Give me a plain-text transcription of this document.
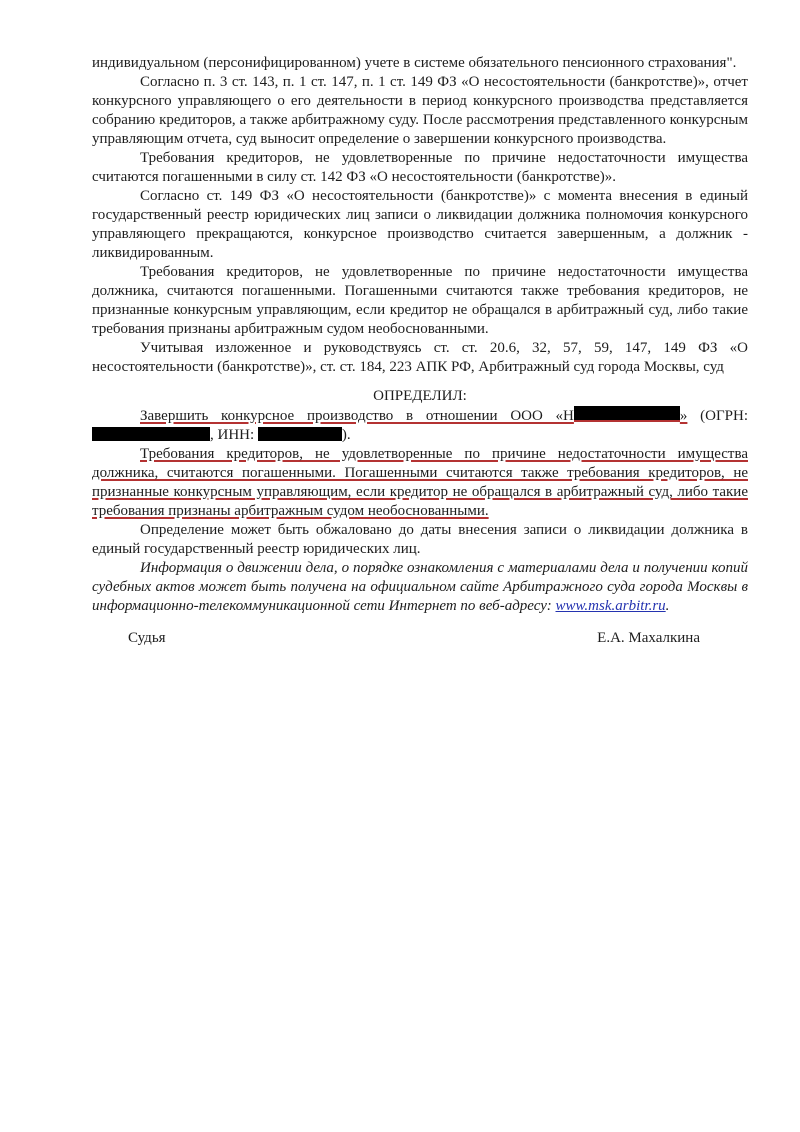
индивидуальном (персонифицированном) учете в системе обязательного пенсионного страхования".

Согласно п. 3 ст. 143, п. 1 ст. 147, п. 1 ст. 149 ФЗ «О несостоятельности (банкротстве)», отчет конкурсного управляющего о его деятельности в период конкурсного производства представляется собранию кредиторов, а также арбитражному суду. После рассмотрения представленного конкурсным управляющим отчета, суд выносит определение о завершении конкурсного производства.

Требования кредиторов, не удовлетворенные по причине недостаточности имущества считаются погашенными в силу ст. 142 ФЗ «О несостоятельности (банкротстве)».

Согласно ст. 149 ФЗ «О несостоятельности (банкротстве)» с момента внесения в единый государственный реестр юридических лиц записи о ликвидации должника полномочия конкурсного управляющего прекращаются, конкурсное производство считается завершенным, а должник - ликвидированным.

Требования кредиторов, не удовлетворенные по причине недостаточности имущества должника, считаются погашенными. Погашенными считаются также требования кредиторов, не признанные конкурсным управляющим, если кредитор не обращался в арбитражный суд, либо такие требования признаны арбитражным судом необоснованными.

Учитывая изложенное и руководствуясь ст. ст. 20.6, 32, 57, 59, 147, 149 ФЗ «О несостоятельности (банкротстве)», ст. ст. 184, 223 АПК РФ, Арбитражный суд города Москвы, суд

ОПРЕДЕЛИЛ:

Завершить конкурсное производство в отношении ООО «Н	» (ОГРН: , ИНН:	).

Требования кредиторов, не удовлетворенные по причине недостаточности имущества должника, считаются погашенными. Погашенными считаются также требования кредиторов, не признанные конкурсным управляющим, если кредитор не обращался в арбитражный суд, либо такие требования признаны арбитражным судом необоснованными.

Определение может быть обжаловано до даты внесения записи о ликвидации должника в единый государственный реестр юридических лиц.

Информация о движении дела, о порядке ознакомления с материалами дела и получении копий судебных актов может быть получена на официальном сайте Арбитражного суда города Москвы в информационно-телекоммуникационной сети Интернет по веб-адресу: www.msk.arbitr.ru.

Судья	Е.А. Махалкина
